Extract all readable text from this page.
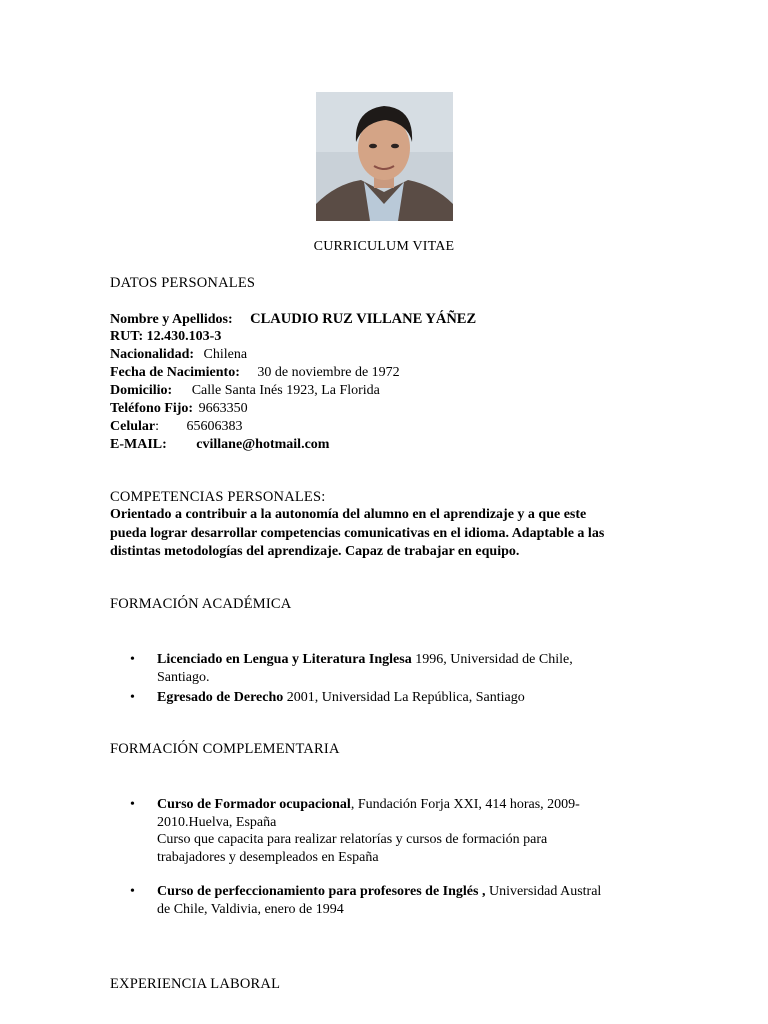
CURRICULUM VITAE
DATOS PERSONALES
Nombre y Apellidos: CLAUDIO RUZ VILLANE YÁÑEZ
RUT: 12.430.103-3
Nacionalidad: Chilena
Fecha de Nacimiento: 30 de noviembre de 1972
Domicilio: Calle Santa Inés 1923, La Florida
Teléfono Fijo: 9663350
Celular: 65606383
E-MAIL: cvillane@hotmail.com
COMPETENCIAS PERSONALES:
Orientado a contribuir a la autonomía del alumno en el aprendizaje y a que este
pueda lograr desarrollar competencias comunicativas en el idioma. Adaptable a las
distintas metodologías del aprendizaje. Capaz de trabajar en equipo.
FORMACIÓN ACADÉMICA
• Licenciado en Lengua y Literatura Inglesa 1996, Universidad de Chile,
Santiago.
• Egresado de Derecho 2001, Universidad La República, Santiago
FORMACIÓN COMPLEMENTARIA
• Curso de Formador ocupacional, Fundación Forja XXI, 414 horas, 2009-
2010.Huelva, España
Curso que capacita para realizar relatorías y cursos de formación para
trabajadores y desempleados en España
• Curso de perfeccionamiento para profesores de Inglés , Universidad Austral
de Chile, Valdivia, enero de 1994
EXPERIENCIA LABORAL
